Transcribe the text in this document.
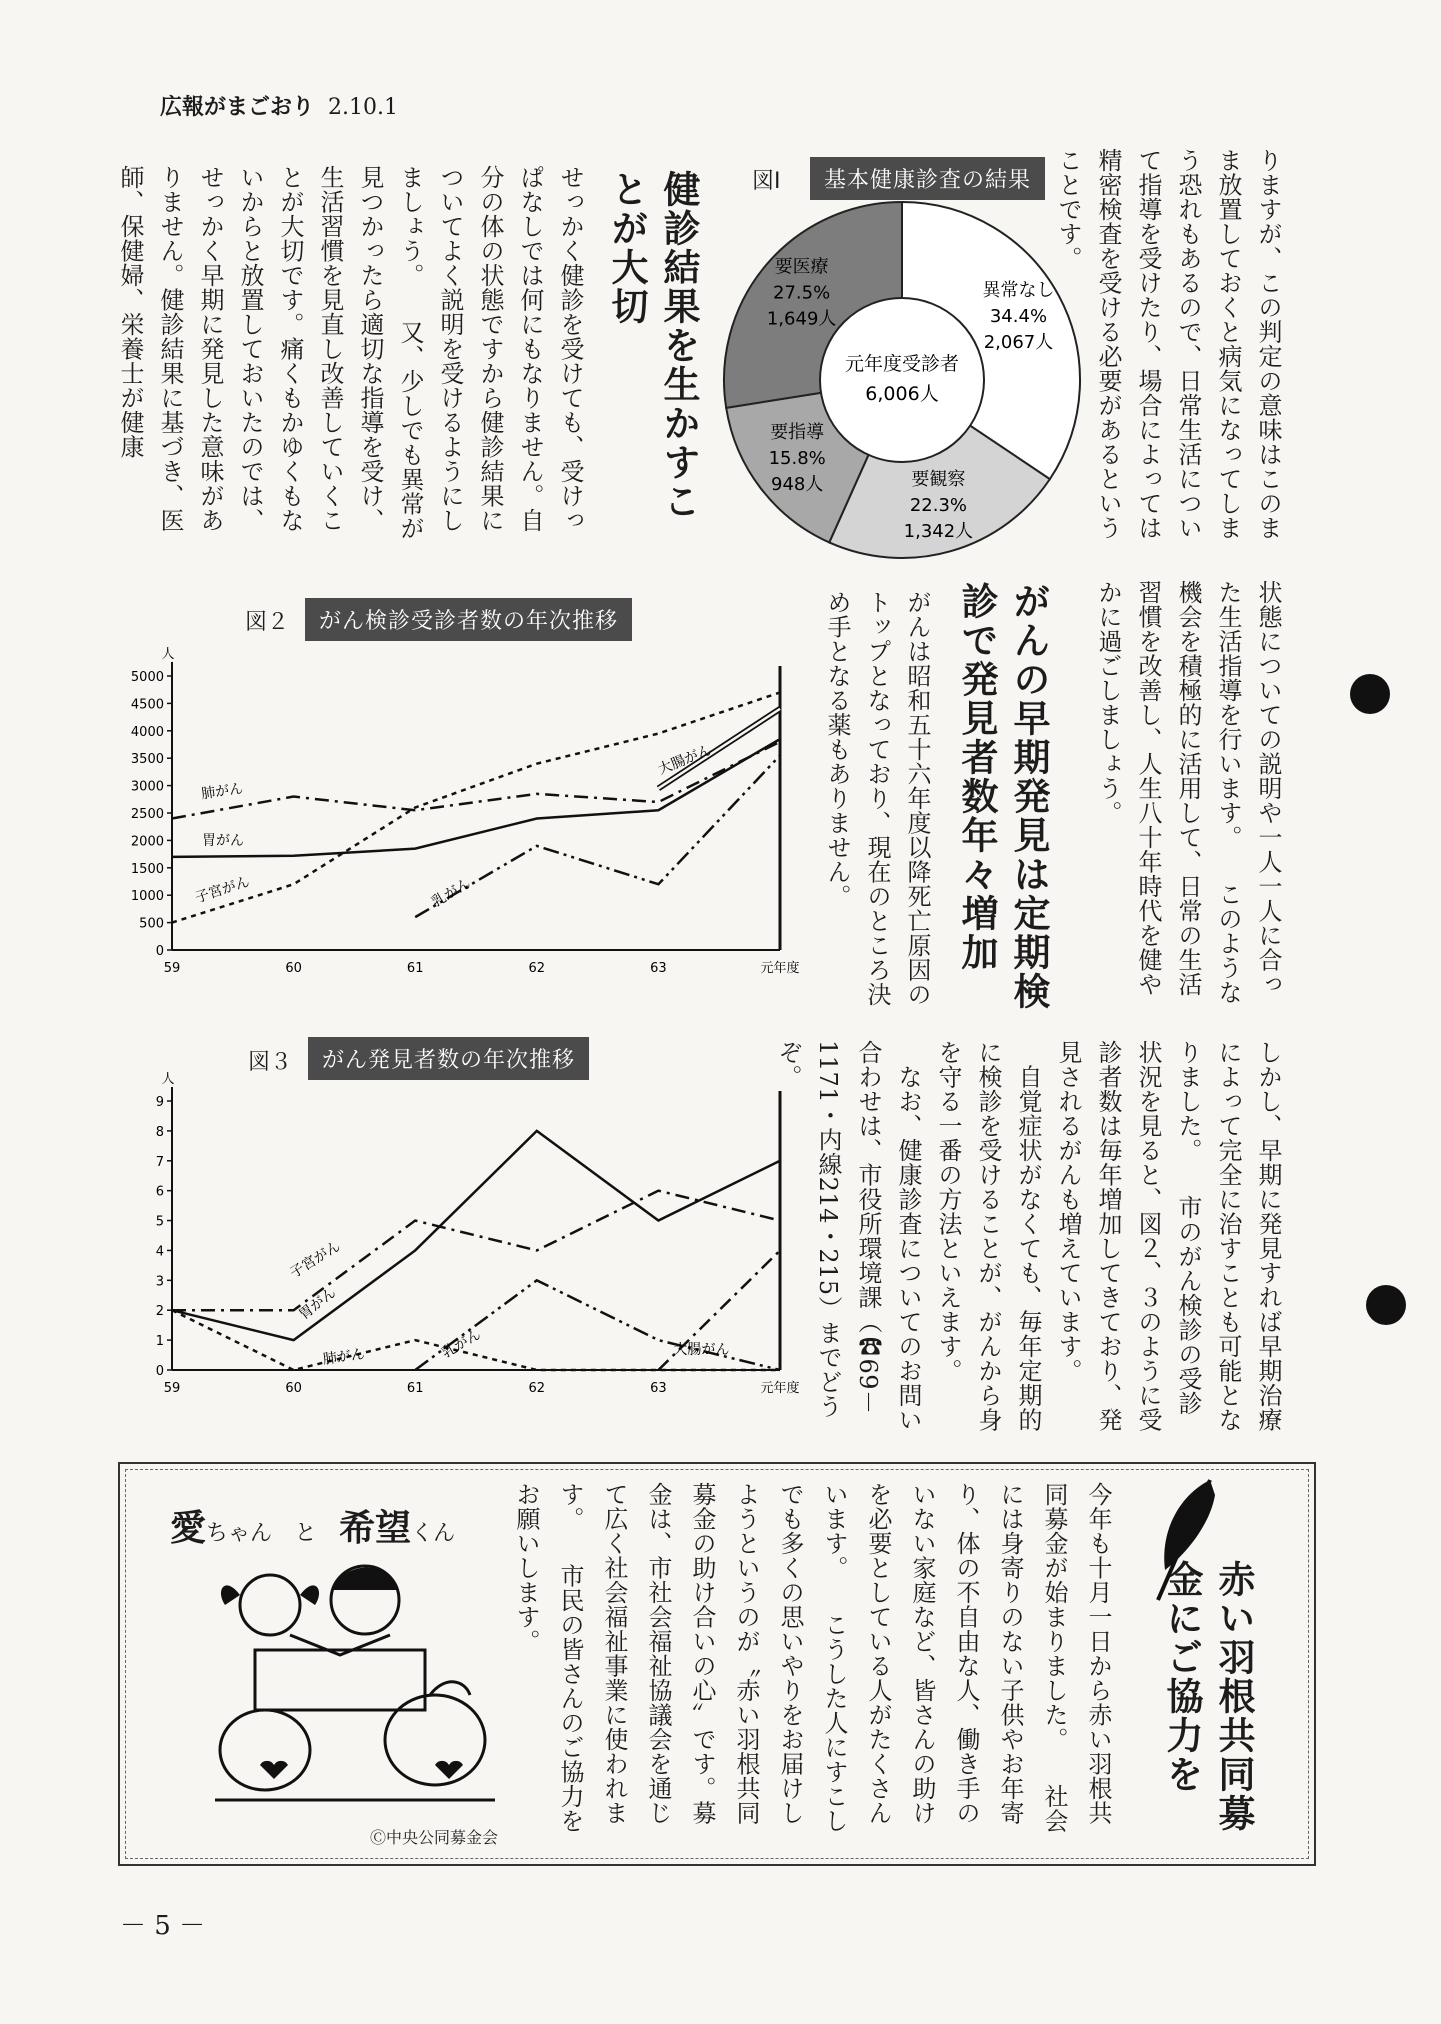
広報がまごおり 2.10.1
りますが、この判定の意味はこのまま放置しておくと病気になってしまう恐れもあるので、日常生活について指導を受けたり、場合によっては精密検査を受ける必要があるということです。
図Ⅰ	基本健康診査の結果
元年度受診者
6,006人
異常なし
34.4%
2,067人
要観察
22.3%
1,342人
要指導
15.8%
948人
要医療
27.5%
1,649人
健診結果を生かすことが大切
せっかく健診を受けても、受けっぱなしでは何にもなりません。自分の体の状態ですから健診結果についてよく説明を受けるようにしましょう。 　又、少しでも異常が見つかったら適切な指導を受け、生活習慣を見直し改善していくことが大切です。痛くもかゆくもないからと放置しておいたのでは、せっかく早期に発見した意味がありません。健診結果に基づき、医師、保健婦、栄養士が健康
図２	がん検診受診者数の年次推移
人
0
500
1000
1500
2000
2500
3000
3500
4000
4500
5000
59	60	61	62	63	元年度
肺がん
胃がん
子宮がん	乳がん
大腸がん
図３	がん発見者数の年次推移
人
0
1
2
3
4
5
6
7
8
9
59	60	61	62	63	元年度
胃がん
子宮がん
肺がん	乳がん	大腸がん
がんの早期発見は定期検診で発見者数年々増加
がんは昭和五十六年度以降死亡原因のトップとなっており、現在のところ決め手となる薬もありません。	状態についての説明や一人一人に合った生活指導を行います。 　このような機会を積極的に活用して、日常の生活習慣を改善し、人生八十年時代を健やかに過ごしましょう。
しかし、早期に発見すれば早期治療によって完全に治すことも可能となりました。 　市のがん検診の受診状況を見ると、図２、３のように受診者数は毎年増加してきており、発見されるがんも増えています。 　自覚症状がなくても、毎年定期的に検診を受けることが、がんから身を守る一番の方法といえます。 　なお、健康診査についてのお問い合わせは、市役所環境課（☎69－1171・内線214・215）までどうぞ。
赤い羽根共同募金にご協力を
今年も十月一日から赤い羽根共同募金が始まりました。 　社会には身寄りのない子供やお年寄り、体の不自由な人、働き手のいない家庭など、皆さんの助けを必要としている人がたくさんいます。 　こうした人にすこしでも多くの思いやりをお届けしようというのが〝赤い羽根共同募金の助け合いの心〟です。募金は、市社会福祉協議会を通じて広く社会福祉事業に使われます。 　市民の皆さんのご協力をお願いします。
愛ちゃん と 希望くん
Ⓒ中央公同募金会
－ 5 －
